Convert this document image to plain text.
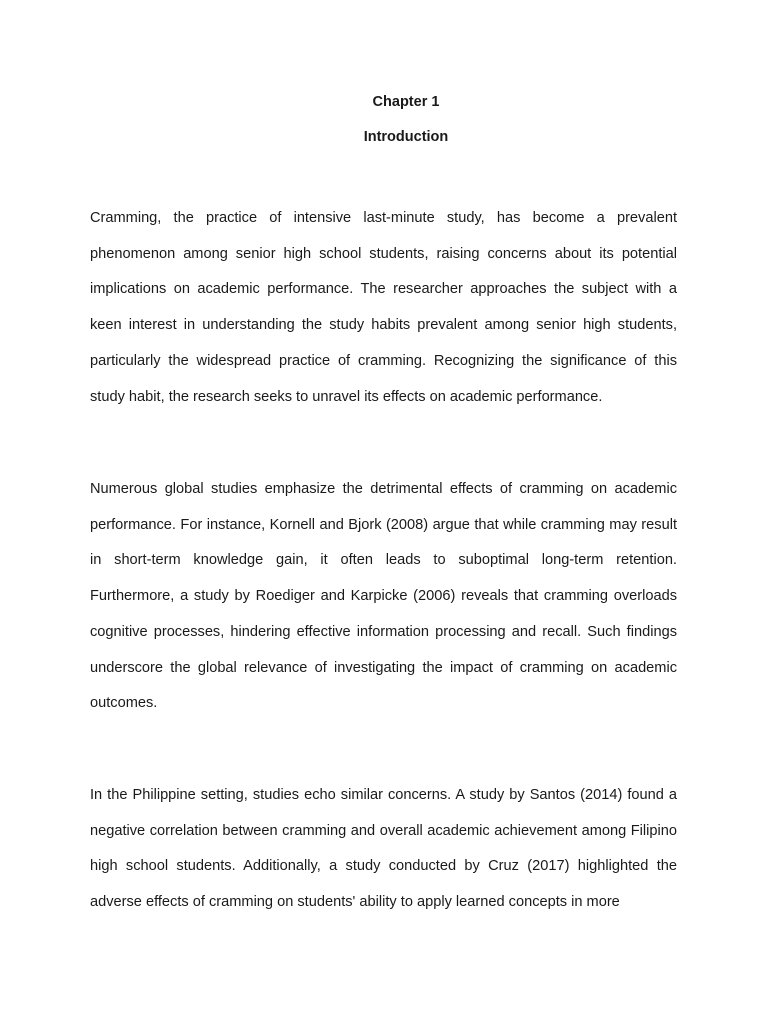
Chapter 1
Introduction

Cramming, the practice of intensive last-minute study, has become a prevalent phenomenon among senior high school students, raising concerns about its potential implications on academic performance. The researcher approaches the subject with a keen interest in understanding the study habits prevalent among senior high students, particularly the widespread practice of cramming. Recognizing the significance of this study habit, the research seeks to unravel its effects on academic performance.

Numerous global studies emphasize the detrimental effects of cramming on academic performance. For instance, Kornell and Bjork (2008) argue that while cramming may result in short-term knowledge gain, it often leads to suboptimal long-term retention. Furthermore, a study by Roediger and Karpicke (2006) reveals that cramming overloads cognitive processes, hindering effective information processing and recall. Such findings underscore the global relevance of investigating the impact of cramming on academic outcomes.

In the Philippine setting, studies echo similar concerns. A study by Santos (2014) found a negative correlation between cramming and overall academic achievement among Filipino high school students. Additionally, a study conducted by Cruz (2017) highlighted the adverse effects of cramming on students' ability to apply learned concepts in more
